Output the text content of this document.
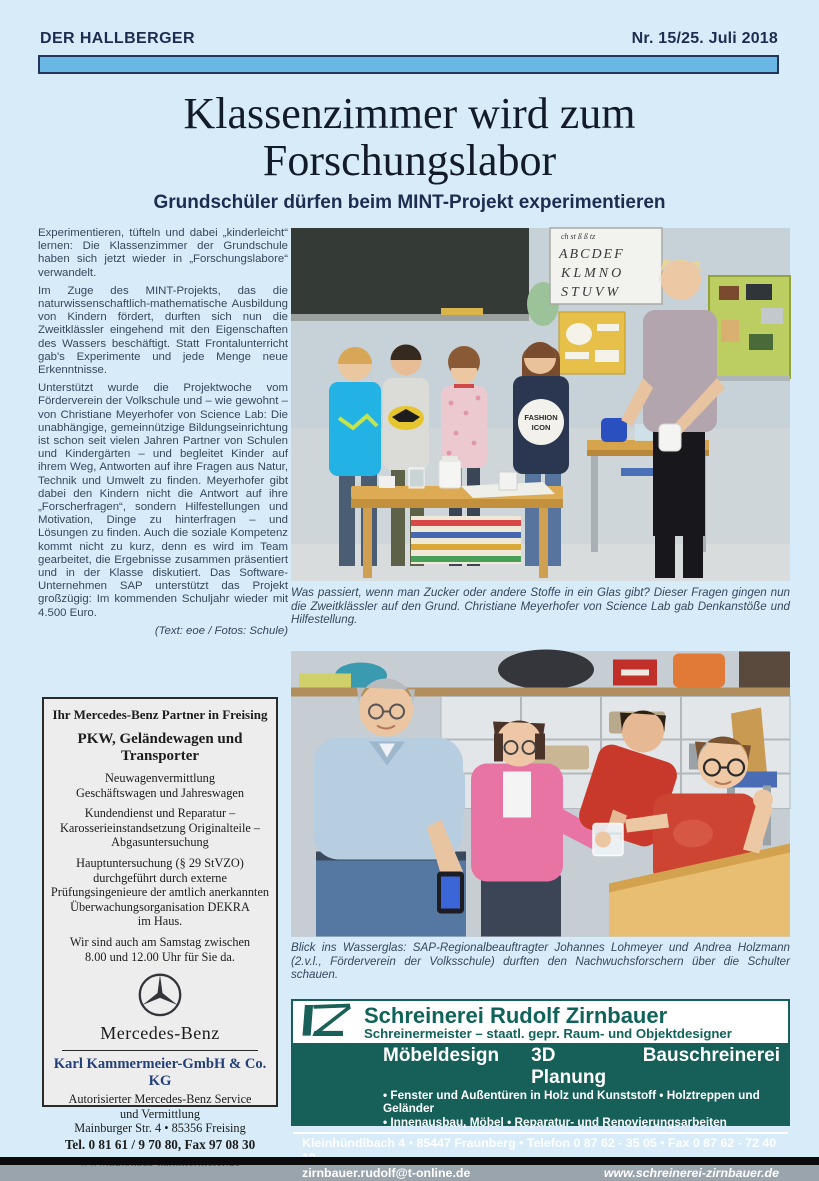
DER HALLBERGER	Nr. 15/25. Juli 2018
Klassenzimmer wird zum
Forschungslabor
Grundschüler dürfen beim MINT-Projekt experimentieren

Experimentieren, tüfteln und dabei „kinderleicht“ lernen: Die Klassenzimmer der Grundschule haben sich jetzt wieder in „Forschungslabore“ verwandelt.

Im Zuge des MINT-Projekts, das die naturwissenschaftlich-mathematische Ausbildung von Kindern fördert, durften sich nun die Zweitklässler eingehend mit den Eigenschaften des Wassers beschäftigt. Statt Frontalunterricht gab's Experimente und jede Menge neue Erkenntnisse.

Unterstützt wurde die Projektwoche vom Förderverein der Volkschule und – wie gewohnt – von Christiane Meyerhofer von Science Lab: Die unabhängige, gemeinnützige Bildungseinrichtung ist schon seit vielen Jahren Partner von Schulen und Kindergärten – und begleitet Kinder auf ihrem Weg, Antworten auf ihre Fragen aus Natur, Technik und Umwelt zu finden. Meyerhofer gibt dabei den Kindern nicht die Antwort auf ihre „Forscherfragen“, sondern Hilfestellungen und Motivation, Dinge zu hinterfragen – und Lösungen zu finden. Auch die soziale Kompetenz kommt nicht zu kurz, denn es wird im Team gearbeitet, die Ergebnisse zusammen präsentiert und in der Klasse diskutiert. Das Software-Unternehmen SAP unterstützt das Projekt großzügig: Im kommenden Schuljahr wieder mit 4.500 Euro.

(Text: eoe / Fotos: Schule)
ch st ß ß tz
ABCDEF
KLMNO
STUVW
FASHION
ICON
Was passiert, wenn man Zucker oder andere Stoffe in ein Glas gibt? Dieser Fragen gingen nun die Zweitklässler auf den Grund. Christiane Meyerhofer von Science Lab gab Denkanstöße und Hilfestellung.
Blick ins Wasserglas: SAP-Regionalbeauftragter Johannes Lohmeyer und Andrea Holzmann (2.v.l., Förderverein der Volksschule) durften den Nachwuchsforschern über die Schulter schauen.
Ihr Mercedes-Benz Partner in Freising
PKW, Geländewagen und Transporter
Neuwagenvermittlung
Geschäftswagen und Jahreswagen
Kundendienst und Reparatur –
Karosserieinstandsetzung Originalteile –
Abgasuntersuchung
Hauptuntersuchung (§ 29 StVZO)
durchgeführt durch externe
Prüfungsingenieure der amtlich anerkannten
Überwachungsorganisation DEKRA
im Haus.
Wir sind auch am Samstag zwischen
8.00 und 12.00 Uhr für Sie da.
Mercedes-Benz
Karl Kammermeier-GmbH & Co. KG
Autorisierter Mercedes-Benz Service
und Vermittlung
Mainburger Str. 4 • 85356 Freising
Tel. 0 81 61 / 9 70 80, Fax 97 08 30
Schreinerei Rudolf Zirnbauer
Schreinermeister – staatl. gepr. Raum- und Objektdesigner
Möbeldesign 3D Planung
Bauschreinerei
• Fenster und Außentüren in Holz und Kunststoff • Holztreppen und Geländer
• Innenausbau, Möbel • Reparatur- und Renovierungsarbeiten
Kleinhündlbach 4 • 85447 Fraunberg • Telefon 0 87 62 - 35 05 • Fax 0 87 62 - 72 40
zirnbauer.rudolf@t-online.de	www.schreinerei-zirnbauer.de
